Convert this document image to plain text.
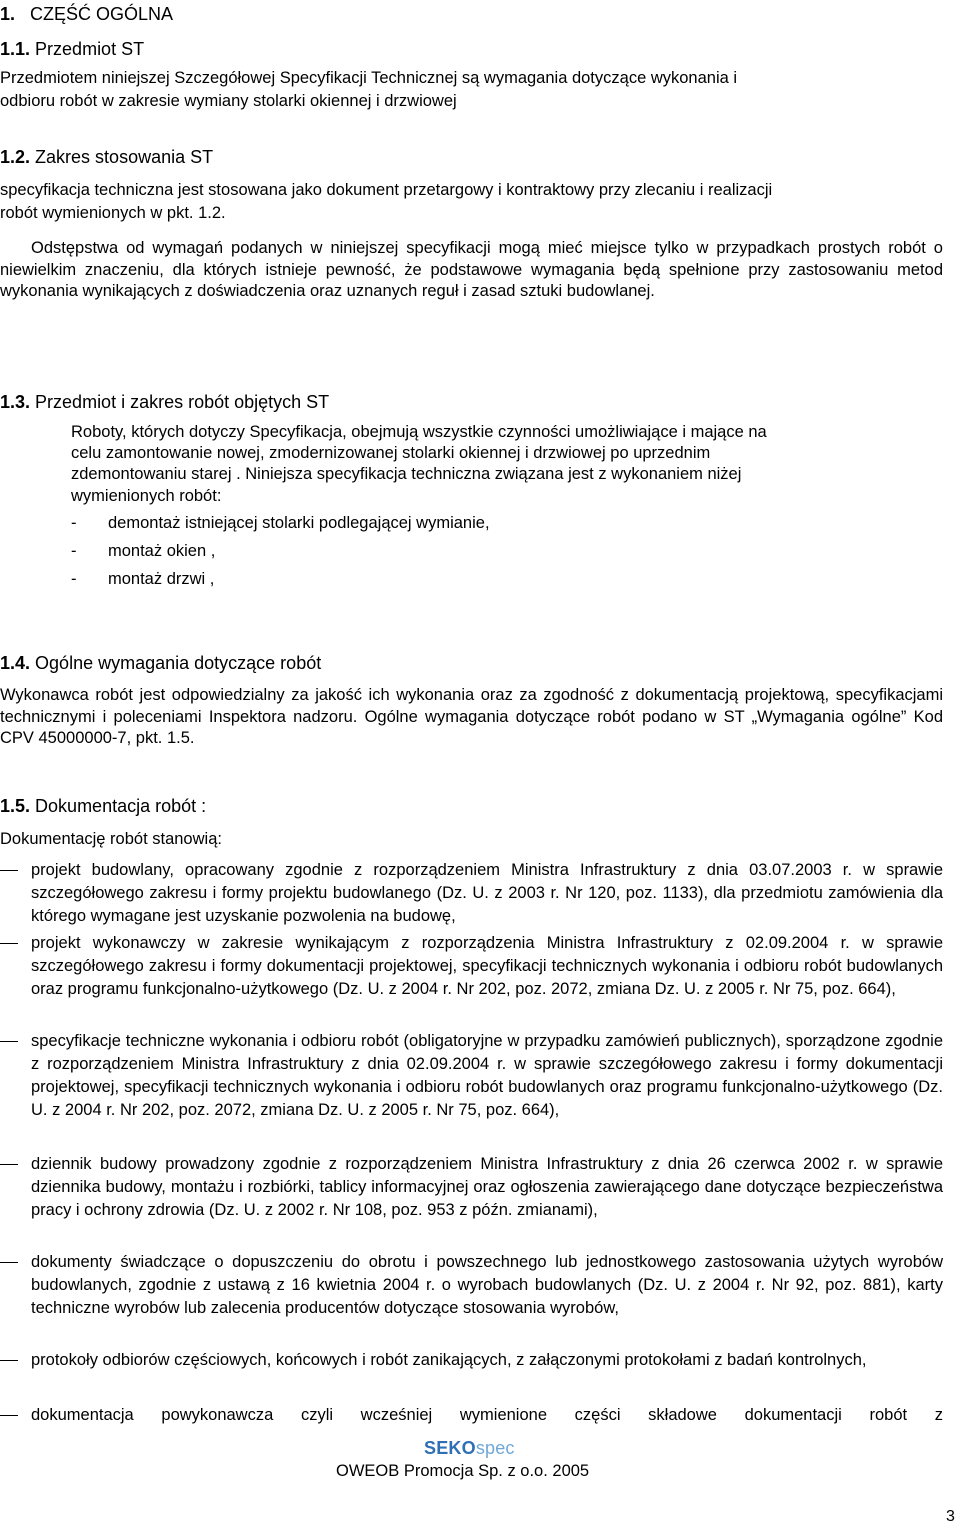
1. CZĘŚĆ OGÓLNA
1.1. Przedmiot ST
Przedmiotem niniejszej Szczegółowej Specyfikacji Technicznej są wymagania dotyczące wykonania i
odbioru robót w zakresie wymiany stolarki okiennej i drzwiowej
1.2. Zakres stosowania ST
specyfikacja techniczna jest stosowana jako dokument przetargowy i kontraktowy przy zlecaniu i realizacji
robót wymienionych w pkt. 1.2.
Odstępstwa od wymagań podanych w niniejszej specyfikacji mogą mieć miejsce tylko w przypadkach prostych robót o niewielkim znaczeniu, dla których istnieje pewność, że podstawowe wymagania będą spełnione przy zastosowaniu metod wykonania wynikających z doświadczenia oraz uznanych reguł i zasad sztuki budowlanej.
1.3. Przedmiot i zakres robót objętych ST
Roboty, których dotyczy Specyfikacja, obejmują wszystkie czynności umożliwiające i mające na
celu zamontowanie nowej, zmodernizowanej stolarki okiennej i drzwiowej po uprzednim
zdemontowaniu starej . Niniejsza specyfikacja techniczna związana jest z wykonaniem niżej
wymienionych robót:
-	demontaż istniejącej stolarki podlegającej wymianie,
-	montaż okien ,
-	montaż drzwi ,
1.4. Ogólne wymagania dotyczące robót
Wykonawca robót jest odpowiedzialny za jakość ich wykonania oraz za zgodność z dokumentacją projektową, specyfikacjami technicznymi i poleceniami Inspektora nadzoru. Ogólne wymagania dotyczące robót podano w ST „Wymagania ogólne” Kod CPV 45000000-7, pkt. 1.5.
1.5. Dokumentacja robót :
Dokumentację robót stanowią:
projekt budowlany, opracowany zgodnie z rozporządzeniem Ministra Infrastruktury z dnia 03.07.2003 r. w sprawie szczegółowego zakresu i formy projektu budowlanego (Dz. U. z 2003 r. Nr 120, poz. 1133), dla przedmiotu zamówienia dla którego wymagane jest uzyskanie pozwolenia na budowę,
projekt wykonawczy w zakresie wynikającym z rozporządzenia Ministra Infrastruktury z 02.09.2004 r. w sprawie szczegółowego zakresu i formy dokumentacji projektowej, specyfikacji technicznych wykonania i odbioru robót budowlanych oraz programu funkcjonalno-użytkowego (Dz. U. z 2004 r. Nr 202, poz. 2072, zmiana Dz. U. z 2005 r. Nr 75, poz. 664),
specyfikacje techniczne wykonania i odbioru robót (obligatoryjne w przypadku zamówień publicznych), sporządzone zgodnie z rozporządzeniem Ministra Infrastruktury z dnia 02.09.2004 r. w sprawie szczegółowego zakresu i formy dokumentacji projektowej, specyfikacji technicznych wykonania i odbioru robót budowlanych oraz programu funkcjonalno-użytkowego (Dz. U. z 2004 r. Nr 202, poz. 2072, zmiana Dz. U. z 2005 r. Nr 75, poz. 664),
dziennik budowy prowadzony zgodnie z rozporządzeniem Ministra Infrastruktury z dnia 26 czerwca 2002 r. w sprawie dziennika budowy, montażu i rozbiórki, tablicy informacyjnej oraz ogłoszenia zawierającego dane dotyczące bezpieczeństwa pracy i ochrony zdrowia (Dz. U. z 2002 r. Nr 108, poz. 953 z późn. zmianami),
dokumenty świadczące o dopuszczeniu do obrotu i powszechnego lub jednostkowego zastosowania użytych wyrobów budowlanych, zgodnie z ustawą z 16 kwietnia 2004 r. o wyrobach budowlanych (Dz. U. z 2004 r. Nr 92, poz. 881), karty techniczne wyrobów lub zalecenia producentów dotyczące stosowania wyrobów,
protokoły odbiorów częściowych, końcowych i robót zanikających, z załączonymi protokołami z badań kontrolnych,
dokumentacja powykonawcza czyli wcześniej wymienione części składowe dokumentacji robót z
SEKOspec
OWEOB Promocja Sp. z o.o. 2005
3
